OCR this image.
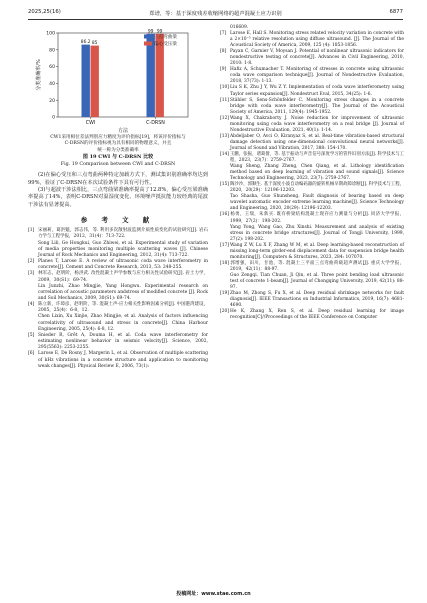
2025,25(16)	郑谱，等：基于深度残差收缩网络的超声混凝土应力识别	6877
0
20
40
60
80
100
分类准确率/%
86.2 85
CWI
99 99
C-DRSN
方法
三点弯曲梁
偏心受压梁
CW1采用相位差法判别应力精度为评价指标[19]，将该评价指标与
C-DRSN的评价指标视为具有相同的物理意义，并且
统一称为分类准确率
图 19 CWI 与 C-DRSN 比较
Fig. 19 Comparison between CWI and C-DRSN

(2)在偏心受压和三点弯曲两种特定加载方式下，测试集识别准确率均达到99%，验证了C-DRSN在本次试验条件下具有可行性。

(3)与超波干涉法相比，三点弯曲梁准确率提高了12.8%，偏心受压梁准确率提高了14%，表明C-DRSN对温湿度变化、环境噪声抵抗能力较经典的尾波干涉法有显著提高。

参 考 文 献
[1] 宋丽莉，葛洪魁，郭志伟，等. 利用多次散射波监测介质性质变化的试验研究[J]. 岩石力学与工程学报，2012，31(4)：713-722.
Song Lili, Ge Hongkui, Guo Zhiwei, et al. Experimental study of variation of media properties monitoring multiple scattering waves [J]. Chinese Journal of Rock Mechanics and Engineering, 2012, 31(4): 713-722.
[2] Planes T, Larose E. A review of ultrasonic coda wave interferometry in concrete[J]. Cement and Concrete Research, 2013, 53: 248-255.
[3] 林军志，赵明阶，杨洪武. 改性混凝土声学参数与应力相关性试验研究[J]. 岩土力学，2009，30(S1)：69-74.
Lin Junzhi, Zhao Mingjie, Yang Hongwu. Experimental research on correlation of acoustic parameters andstress of modified concrete [J]. Rock and Soil Mechanics, 2009, 30(S1): 69-74.
[4] 陈立新，许璋彦，赵明阶，等. 混凝土声-应力相关性影响因素分析[J]. 中国港湾建设，2005，25(4)：6-8，12.
Chen Lixin, Xu Xinjie, Zhao Mingjie, et al. Analysis of factors influencing correlativity of ultrasound and stress in concrete[J]. China Harbour Engineering, 2005, 25(4): 6-8, 12.
[5] Snieder R, Grêt A, Douma H, et al. Coda wave interferometry for estimating nonlinear behavior in seismic velocity[J]. Science, 2002, 295(5563): 2253-2255.
[6] Larose E, De Rosny J, Margerin L, et al. Observation of multiple scattering of kHz vibrations in a concrete structure and application to monitoring weak changes[J]. Physical Review E, 2006, 73(1):
016609.
[7] Larose E, Hall S. Monitoring stress related velocity variation in concrete with a 2×10⁻⁵ relative resolution using diffuse ultrasound. [J]. The Journal of the Acoustical Society of America, 2009, 125 (4): 1853-1856.
[8] Payan C, Garnier V, Moysan J. Potential of nonlinear ultrasonic indicators for nondestructive testing of concrete[J]. Advances in Civil Engineering, 2010, 2010: 1-8.
[9] Hafiz A, Schumacher T. Monitoring of stresses in concrete using ultrasonic coda wave comparison technique[J]. Journal of Nondestructive Evaluation, 2018, 37(73): 1-13.
[10]Liu S K, Zhu J Y, Wu Z Y. Implementation of coda wave interferometry using Taylor series expansion[J]. Nondestruct Eval, 2015, 34(25): 1-6.
[11]Stähler S, Sens-Schönfelder C. Monitoring stress changes in a concrete bridge with coda wave interferometry[J]. The Journal of the Acoustical Society of America, 2011, 129(4): 1945-1952.
[12]Wang X, Chakraborty J. Noise reduction for improvement of ultrasonic monitoring using coda wave interferometry on a real bridge [J]. Journal of Nondestructive Evaluation, 2021, 40(1): 1-14.
[13]Abdeljaber O, Avci O, Kiranyaz S, et al. Real-time vibration-based structural damage detection using one-dimensional convolutional neural networks[J]. Journal of Sound and Vibration, 2017, 388: 154-170.
[14]王鹏，张振，诸葛倩，等. 基于振动与声音信号深度学习的管件识别方法[J]. 科学技术与工程，2023，23(7)：2759-2767.
Wang Sheng, Zhang Zheng, Chen Qiang, et al. Lithology identification method based on deep learning of vibration and sound signals[J]. Science Technology and Engineering, 2023, 23(7): 2759-2767.
[15]陶沙沙，郭顺生. 基于深度小波自动编码器的旋转机械早期故障诊断[J]. 科学技术与工程，2020，20(29)：12196-12203.
Tao Shasha, Guo Shunsheng. Fault diagnosis of bearing based on deep wavelet automatic encoder extreme learning machine[J]. Science Technology and Engineering, 2020, 20(29): 12196-12203.
[16]杨勇，王瑞，朱新买. 既有桥梁结构混凝土现存应力测量与分析[J]. 同济大学学报，1999，27(2)：198-202.
Yang Yong, Wang Gao, Zhu Xinshi. Measurement and analysis of existing stress in concrete bridge structures[J]. Journal of Tongji University, 1999, 27(2): 198-202.
[17]Wang Z W, Lu X F, Zhang W M, et al. Deep learning-based reconstruction of missing long-term girder-end displacement data for suspension bridge health monitoring[J]. Computers & Structures, 2023, 284: 107070.
[18]郭增强，田川，甘池，等. 混凝土三平面三点弯曲荷载超声测试[J]. 重庆大学学报，2019，42(11)：88-97.
Guo Zengqi, Tian Chuan, Ji Qin, et al. Three point bending load ultrasonic test of concrete 1-beam[J]. Journal of Chongqing University, 2019, 42(11): 88-97.
[19]Zhao M, Zhong S, Fu X, et al. Deep residual shrinkage networks for fault diagnosis[J]. IEEE Transactions on Industrial Informatics, 2019, 16(7): 4681-4690.
[20]He K, Zhang X, Ren S, et al. Deep residual learning for image recognition[C]//Proceedings of the IEEE Conference on Computer
投稿网址：www.stae.com.cn
